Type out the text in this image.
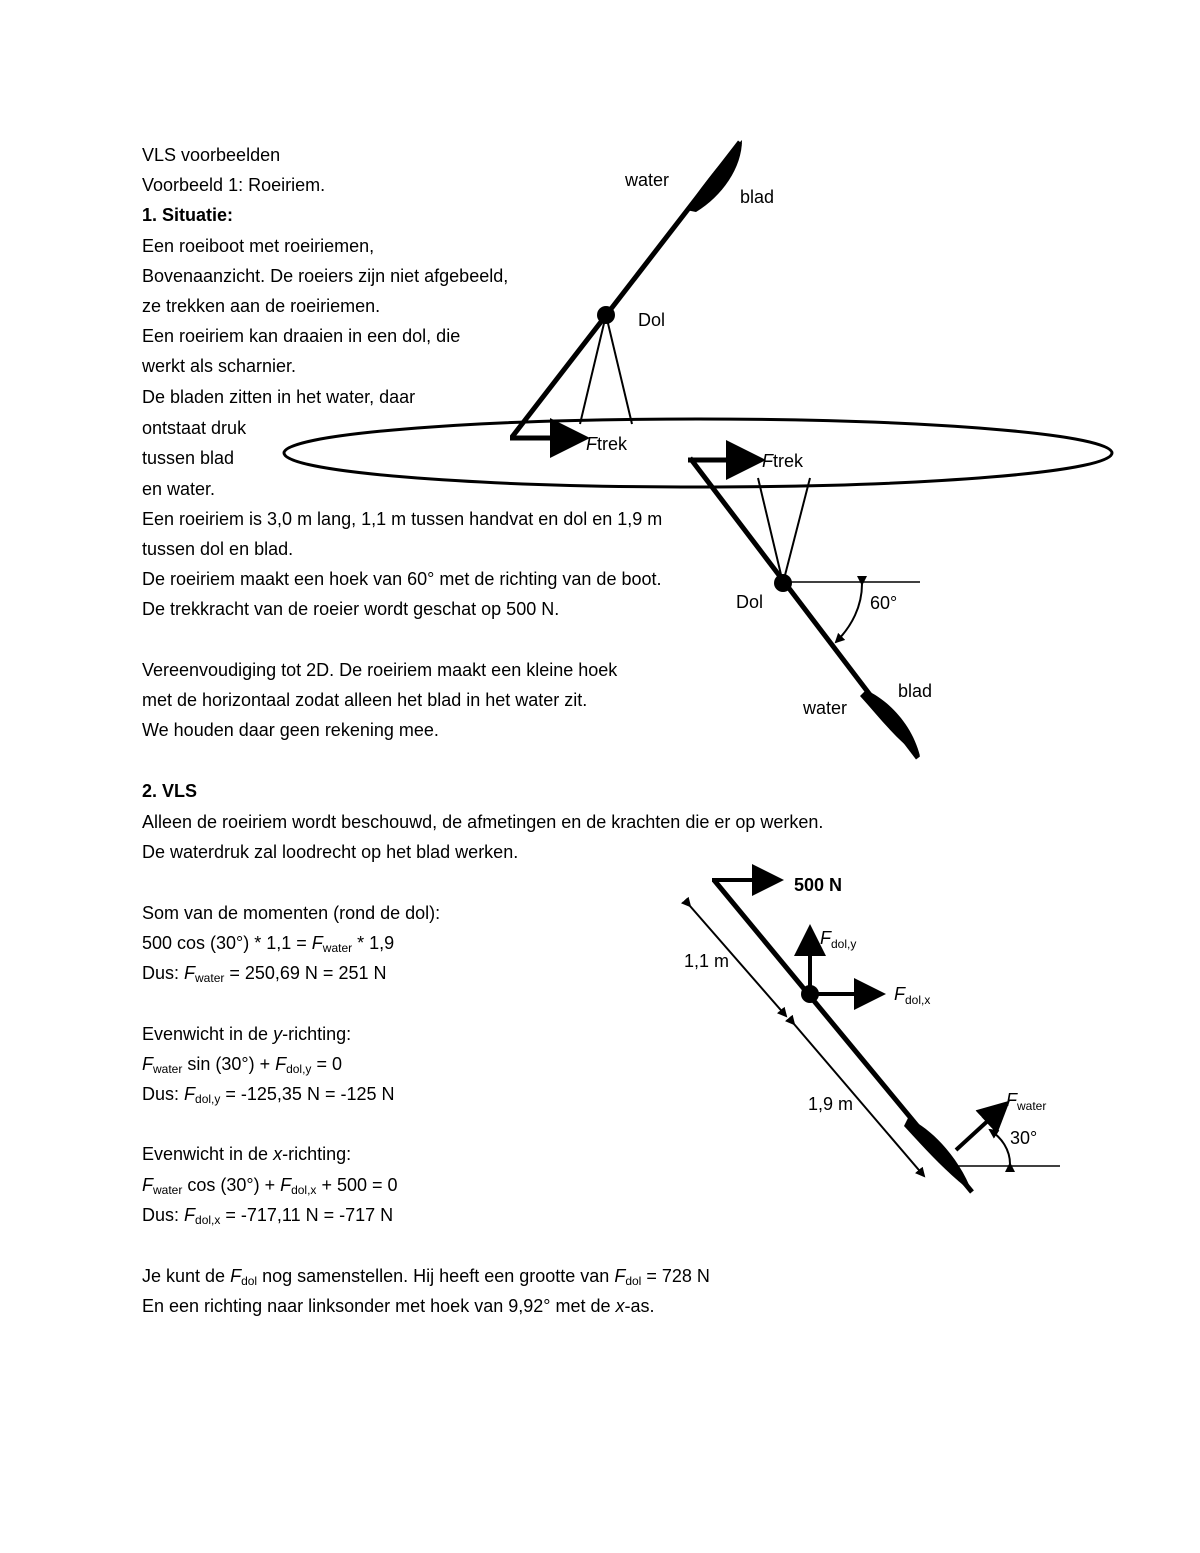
VLS voorbeelden
Voorbeeld 1: Roeiriem.
1. Situatie:
Een roeiboot met roeiriemen,
Bovenaanzicht. De roeiers zijn niet afgebeeld,
ze trekken aan de roeiriemen.
Een roeiriem kan draaien in een dol, die
werkt als scharnier.
De bladen zitten in het water, daar
ontstaat druk
tussen blad
en water.
Een roeiriem is 3,0 m lang, 1,1 m tussen handvat en dol en 1,9 m
tussen dol en blad.
De roeiriem maakt een hoek van 60° met de richting van de boot.
De trekkracht van de roeier wordt geschat op 500 N.
Vereenvoudiging tot 2D. De roeiriem maakt een kleine hoek
met de horizontaal zodat alleen het blad in het water zit.
We houden daar geen rekening mee.
2. VLS
Alleen de roeiriem wordt beschouwd, de afmetingen en de krachten die er op werken.
De waterdruk zal loodrecht op het blad werken.
Som van de momenten (rond de dol):
500 $\cos (30^\circ) * 1,1 = F_{water} * 1,9$
Dus: $F_{water} = 250,69$ N = 251 N
Evenwicht in de y-richting:
$F_{water}$ $\sin (30^\circ) + F_{dol,y} = 0$
Dus: $F_{dol,y} = -125,35$ N = -125 N
Evenwicht in de x-richting:
$F_{water}$ $\cos (30^\circ) + F_{dol,x} + 500 = 0$
Dus: $F_{dol,x} = -717,11$ N = -717 N
Je kunt de $F_{dol}$ nog samenstellen. Hij heeft een grootte van $F_{dol} = 728$ N
En een richting naar linksonder met hoek van 9,92° met de x-as.
water
blad
Dol
Ftrek
Ftrek
Dol	60°
blad
water
500 N
$F_{dol,y}$
$F_{dol,x}$
1,1 m
1,9 m	$F_{water}$
30°
